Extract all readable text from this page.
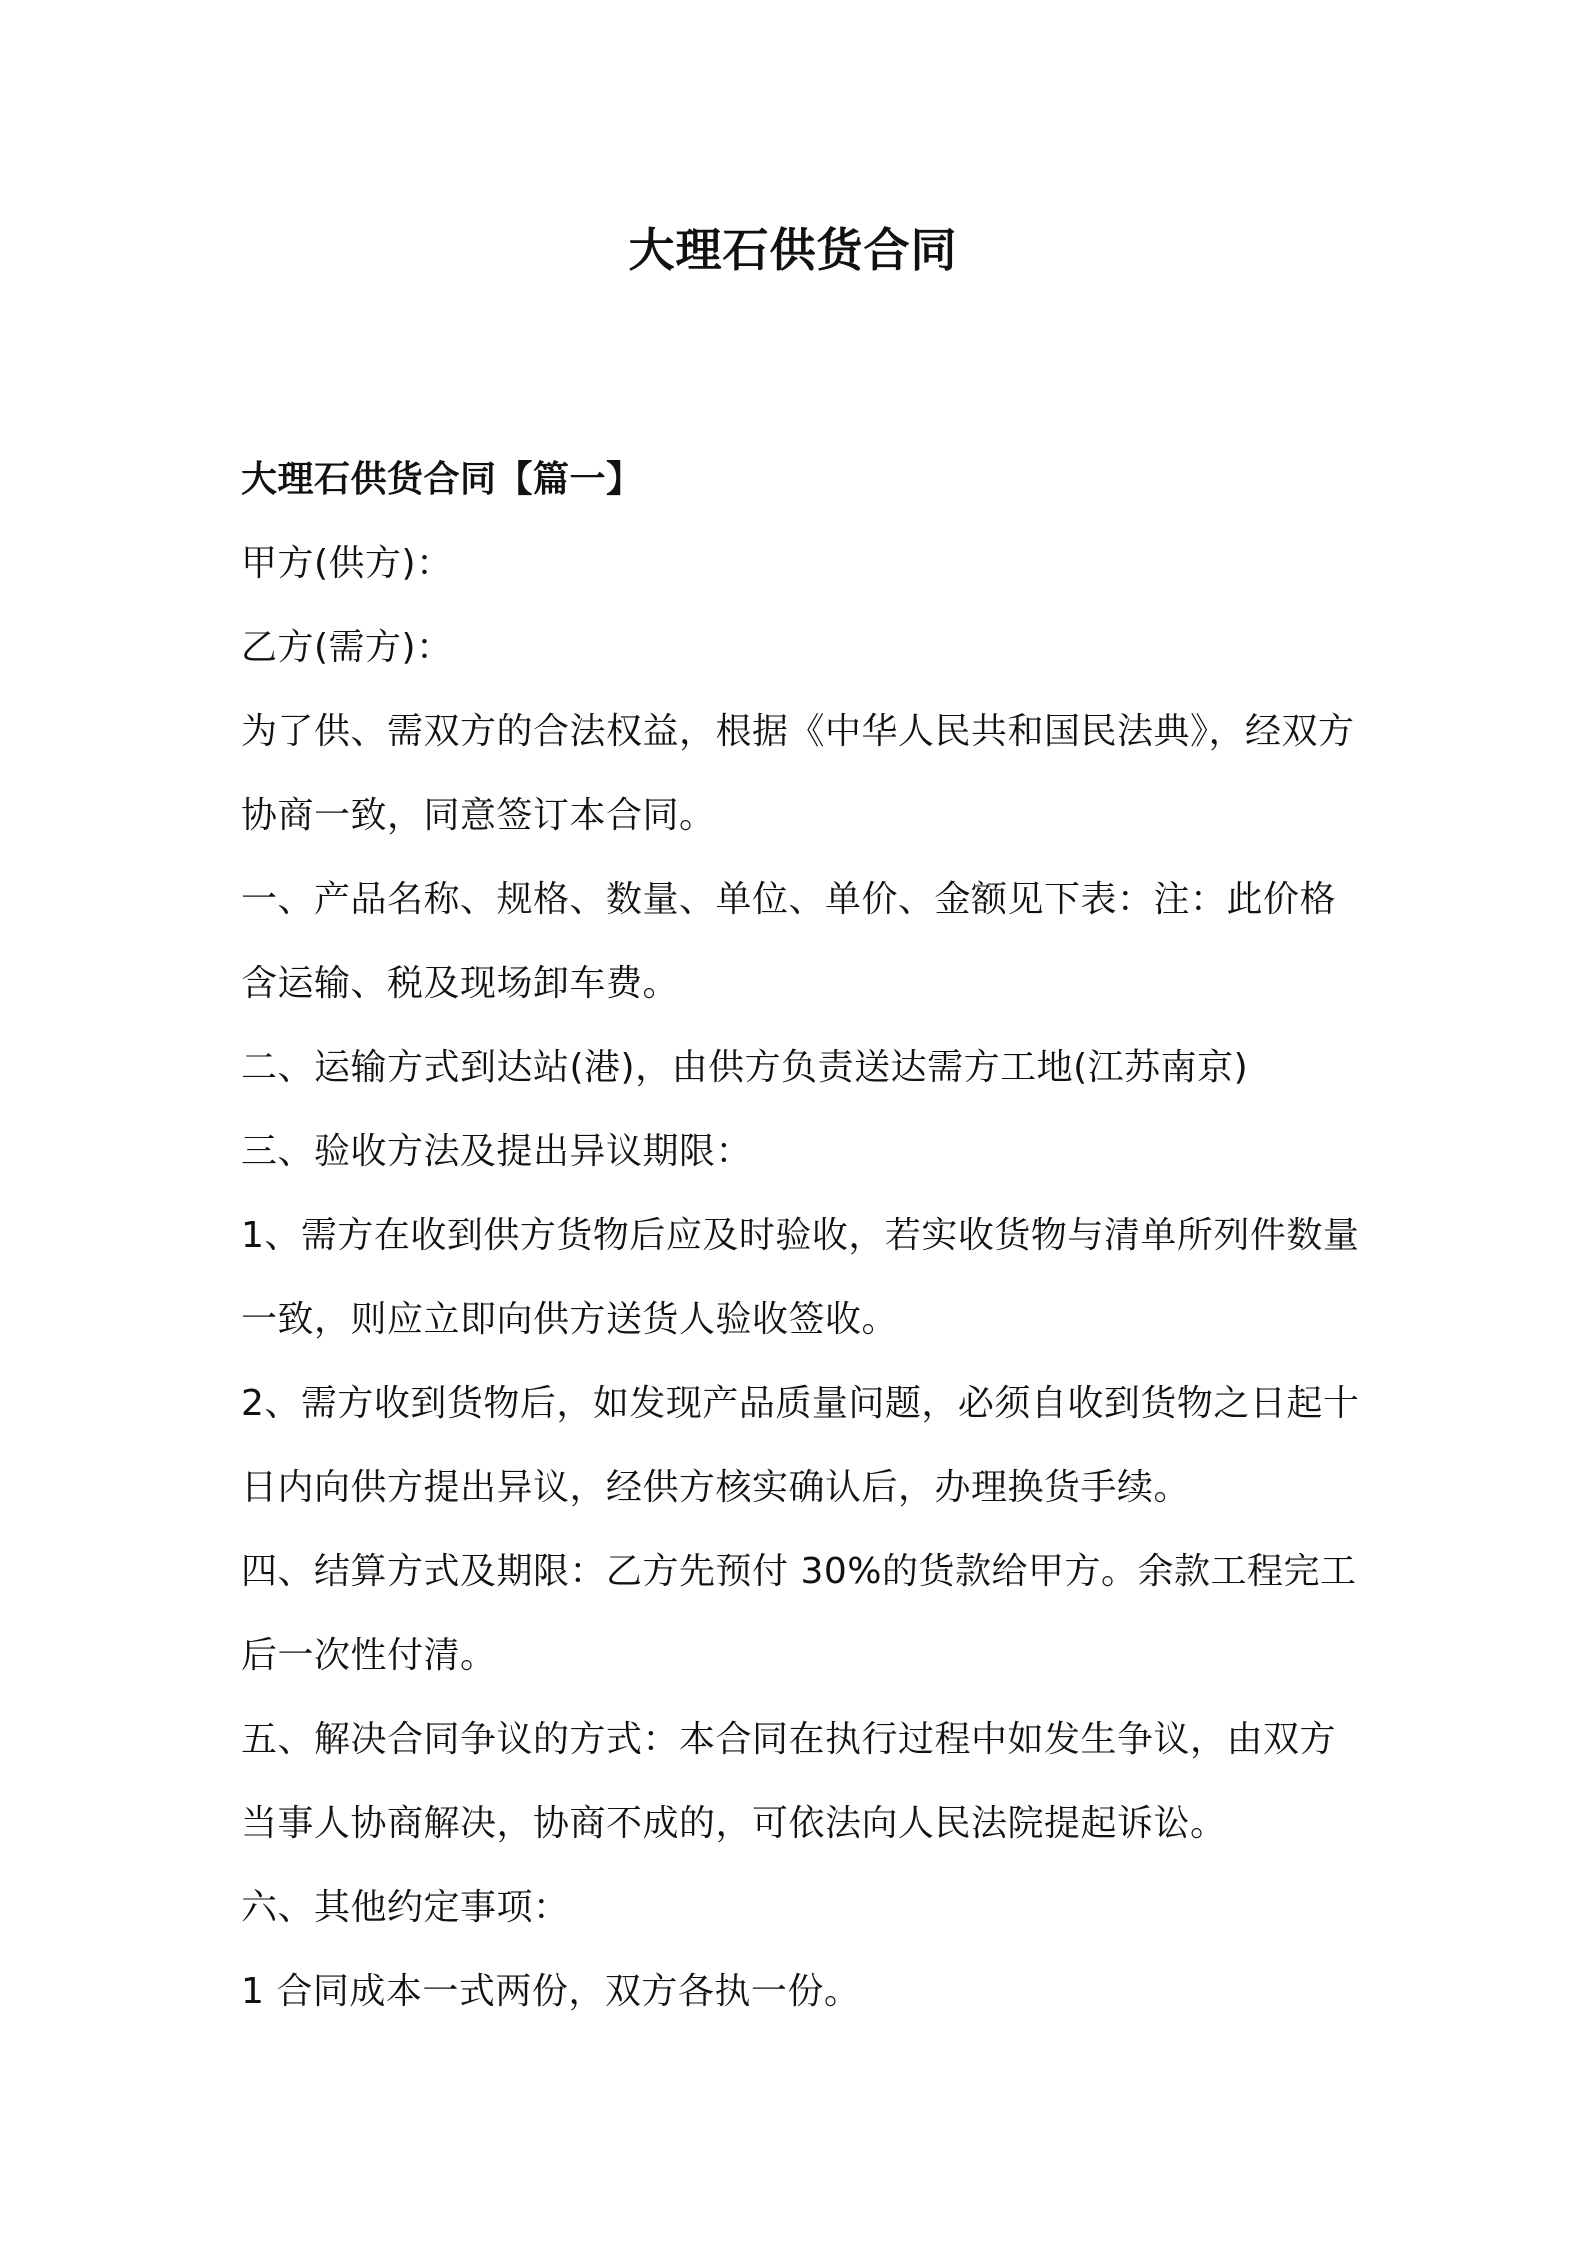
大理石供货合同

大理石供货合同【篇一】

甲方(供方)：

乙方(需方)：

为了供、需双方的合法权益，根据《中华人民共和国民法典》，经双方协商一致，同意签订本合同。

一、产品名称、规格、数量、单位、单价、金额见下表：注：此价格含运输、税及现场卸车费。

二、运输方式到达站(港)，由供方负责送达需方工地(江苏南京)

三、验收方法及提出异议期限：

1、需方在收到供方货物后应及时验收，若实收货物与清单所列件数量一致，则应立即向供方送货人验收签收。

2、需方收到货物后，如发现产品质量问题，必须自收到货物之日起十日内向供方提出异议，经供方核实确认后，办理换货手续。

四、结算方式及期限：乙方先预付 30%的货款给甲方。余款工程完工后一次性付清。

五、解决合同争议的方式：本合同在执行过程中如发生争议，由双方当事人协商解决，协商不成的，可依法向人民法院提起诉讼。

六、其他约定事项：

1 合同成本一式两份，双方各执一份。
